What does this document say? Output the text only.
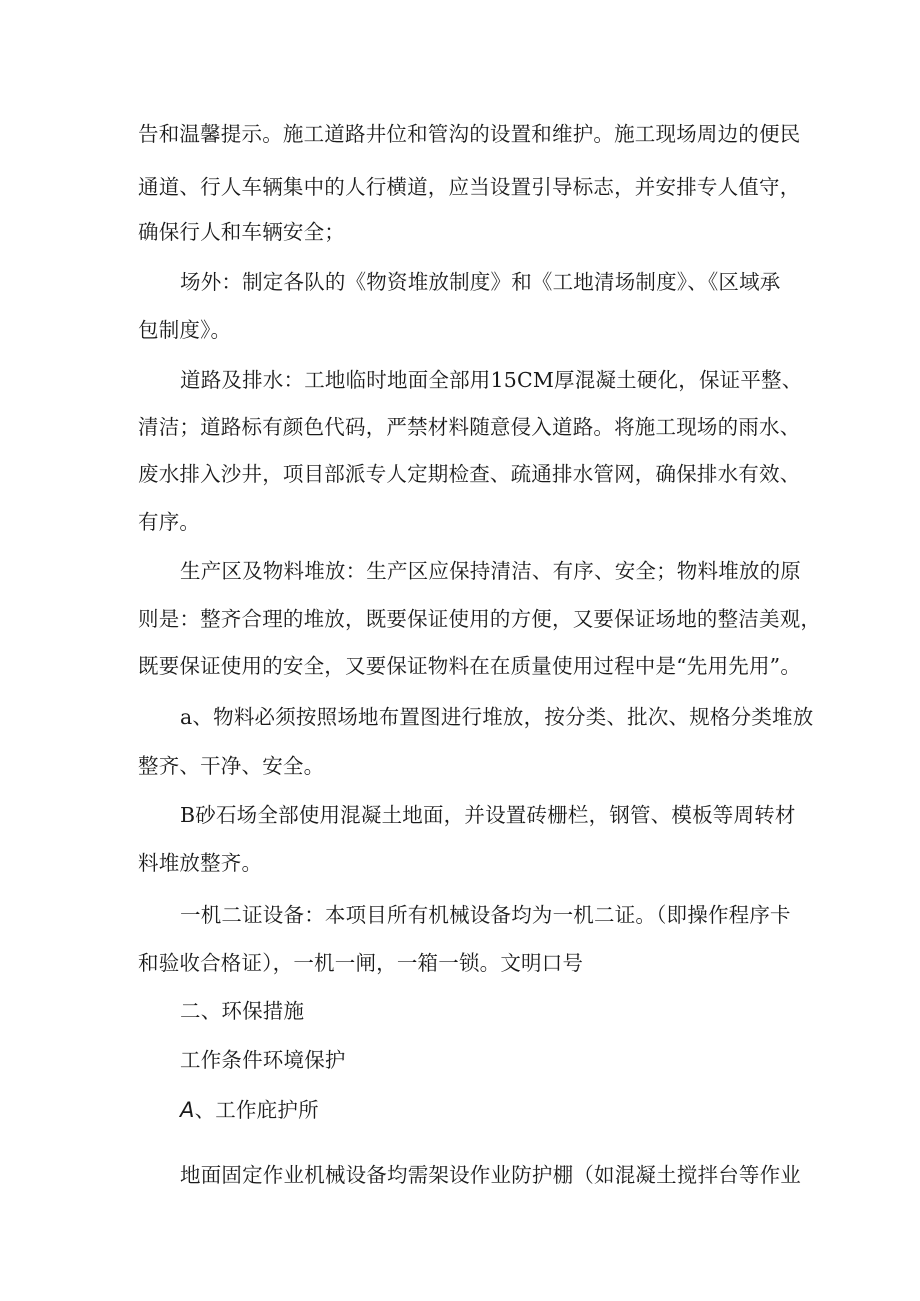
告和温馨提示。施工道路井位和管沟的设置和维护。施工现场周边的便民
通道、行人车辆集中的人行横道，应当设置引导标志，并安排专人值守，
确保行人和车辆安全；
场外：制定各队的《物资堆放制度》和《工地清场制度》、《区域承
包制度》。
道路及排水：工地临时地面全部用15CM厚混凝土硬化，保证平整、
清洁；道路标有颜色代码，严禁材料随意侵入道路。将施工现场的雨水、
废水排入沙井，项目部派专人定期检查、疏通排水管网，确保排水有效、
有序。
生产区及物料堆放：生产区应保持清洁、有序、安全；物料堆放的原
则是：整齐合理的堆放，既要保证使用的方便，又要保证场地的整洁美观，
既要保证使用的安全，又要保证物料在在质量使用过程中是“先用先用”。
a、物料必须按照场地布置图进行堆放，按分类、批次、规格分类堆放
整齐、干净、安全。
B砂石场全部使用混凝土地面，并设置砖栅栏，钢管、模板等周转材
料堆放整齐。
一机二证设备：本项目所有机械设备均为一机二证。（即操作程序卡
和验收合格证），一机一闸，一箱一锁。文明口号
二、环保措施
工作条件环境保护
A、工作庇护所
地面固定作业机械设备均需架设作业防护棚（如混凝土搅拌台等作业
